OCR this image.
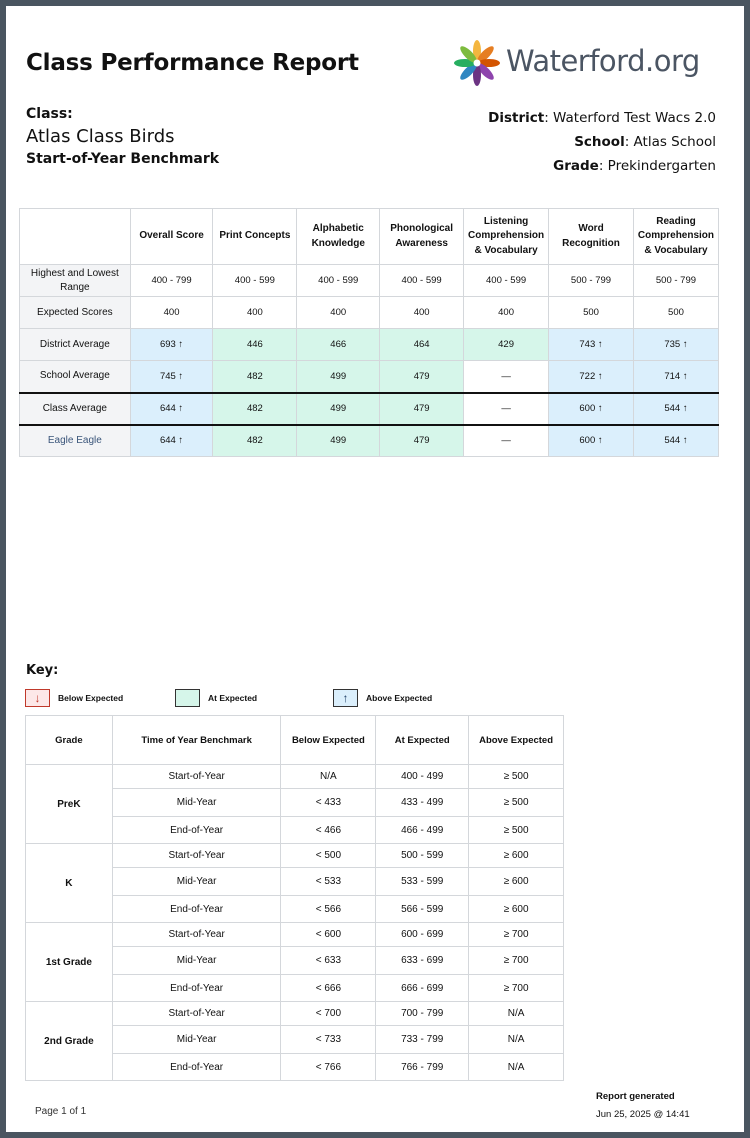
Class Performance Report	Waterford.org
Class:
Atlas Class Birds
Start-of-Year Benchmark
District: Waterford Test Wacs 2.0
School: Atlas School
Grade: Prekindergarten
	Overall Score	Print Concepts	Alphabetic Knowledge	Phonological Awareness	Listening Comprehension & Vocabulary	Word Recognition	Reading Comprehension & Vocabulary
Highest and Lowest Range	400 - 799	400 - 599	400 - 599	400 - 599	400 - 599	500 - 799	500 - 799
Expected Scores	400	400	400	400	400	500	500
District Average	693 ↑	446	466	464	429	743 ↑	735 ↑
School Average	745 ↑	482	499	479	—	722 ↑	714 ↑
Class Average	644 ↑	482	499	479	—	600 ↑	544 ↑
Eagle Eagle	644 ↑	482	499	479	—	600 ↑	544 ↑
Key:
↓	Below Expected	At Expected	↑	Above Expected
Grade	Time of Year Benchmark	Below Expected	At Expected	Above Expected
PreK	Start-of-Year	N/A	400 - 499	≥ 500
	Mid-Year	< 433	433 - 499	≥ 500
	End-of-Year	< 466	466 - 499	≥ 500
K	Start-of-Year	< 500	500 - 599	≥ 600
	Mid-Year	< 533	533 - 599	≥ 600
	End-of-Year	< 566	566 - 599	≥ 600
1st Grade	Start-of-Year	< 600	600 - 699	≥ 700
	Mid-Year	< 633	633 - 699	≥ 700
	End-of-Year	< 666	666 - 699	≥ 700
2nd Grade	Start-of-Year	< 700	700 - 799	N/A
	Mid-Year	< 733	733 - 799	N/A
	End-of-Year	< 766	766 - 799	N/A
Page 1 of 1
Report generated
Jun 25, 2025 @ 14:41
